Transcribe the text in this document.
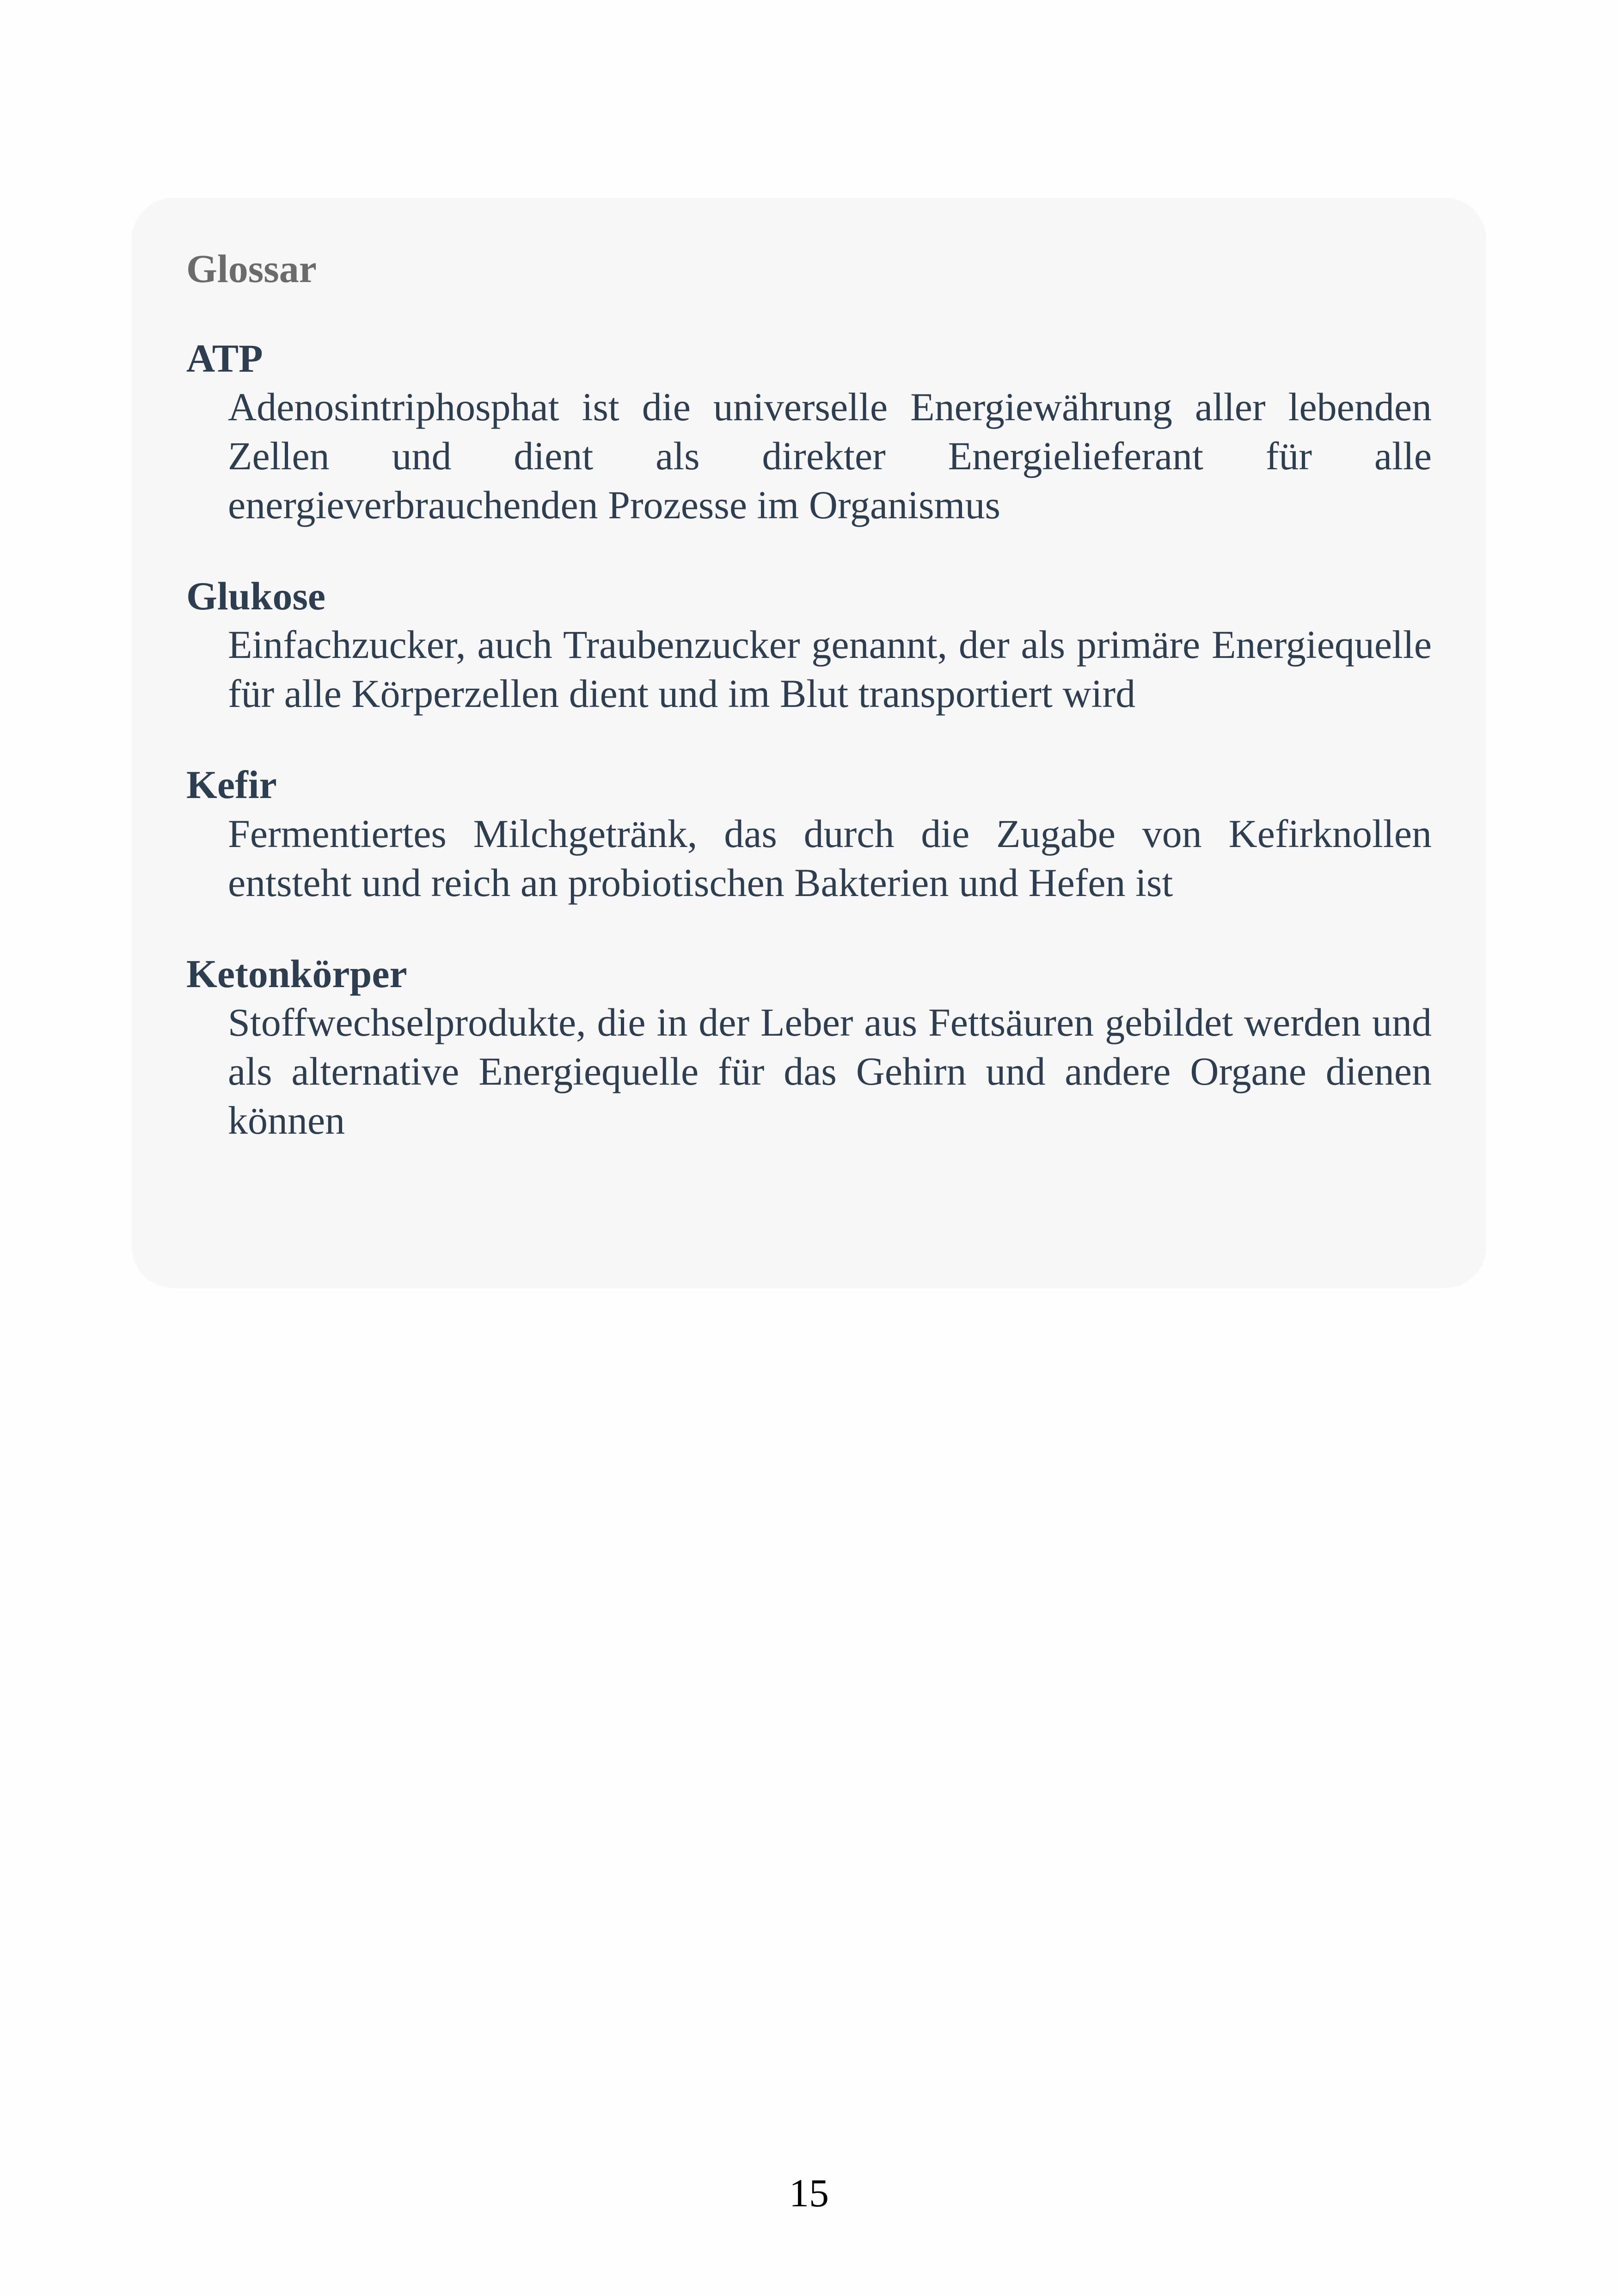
Glossar
ATP
Adenosintriphosphat ist die universelle Energiewährung aller lebenden Zellen und dient als direkter Energielieferant für alle energieverbrauchenden Prozesse im Organismus
Glukose
Einfachzucker, auch Traubenzucker genannt, der als primäre Energiequelle für alle Körperzellen dient und im Blut transportiert wird
Kefir
Fermentiertes Milchgetränk, das durch die Zugabe von Kefirknollen entsteht und reich an probiotischen Bakterien und Hefen ist
Ketonkörper
Stoffwechselprodukte, die in der Leber aus Fettsäuren gebildet werden und als alternative Energiequelle für das Gehirn und andere Organe dienen können
15
